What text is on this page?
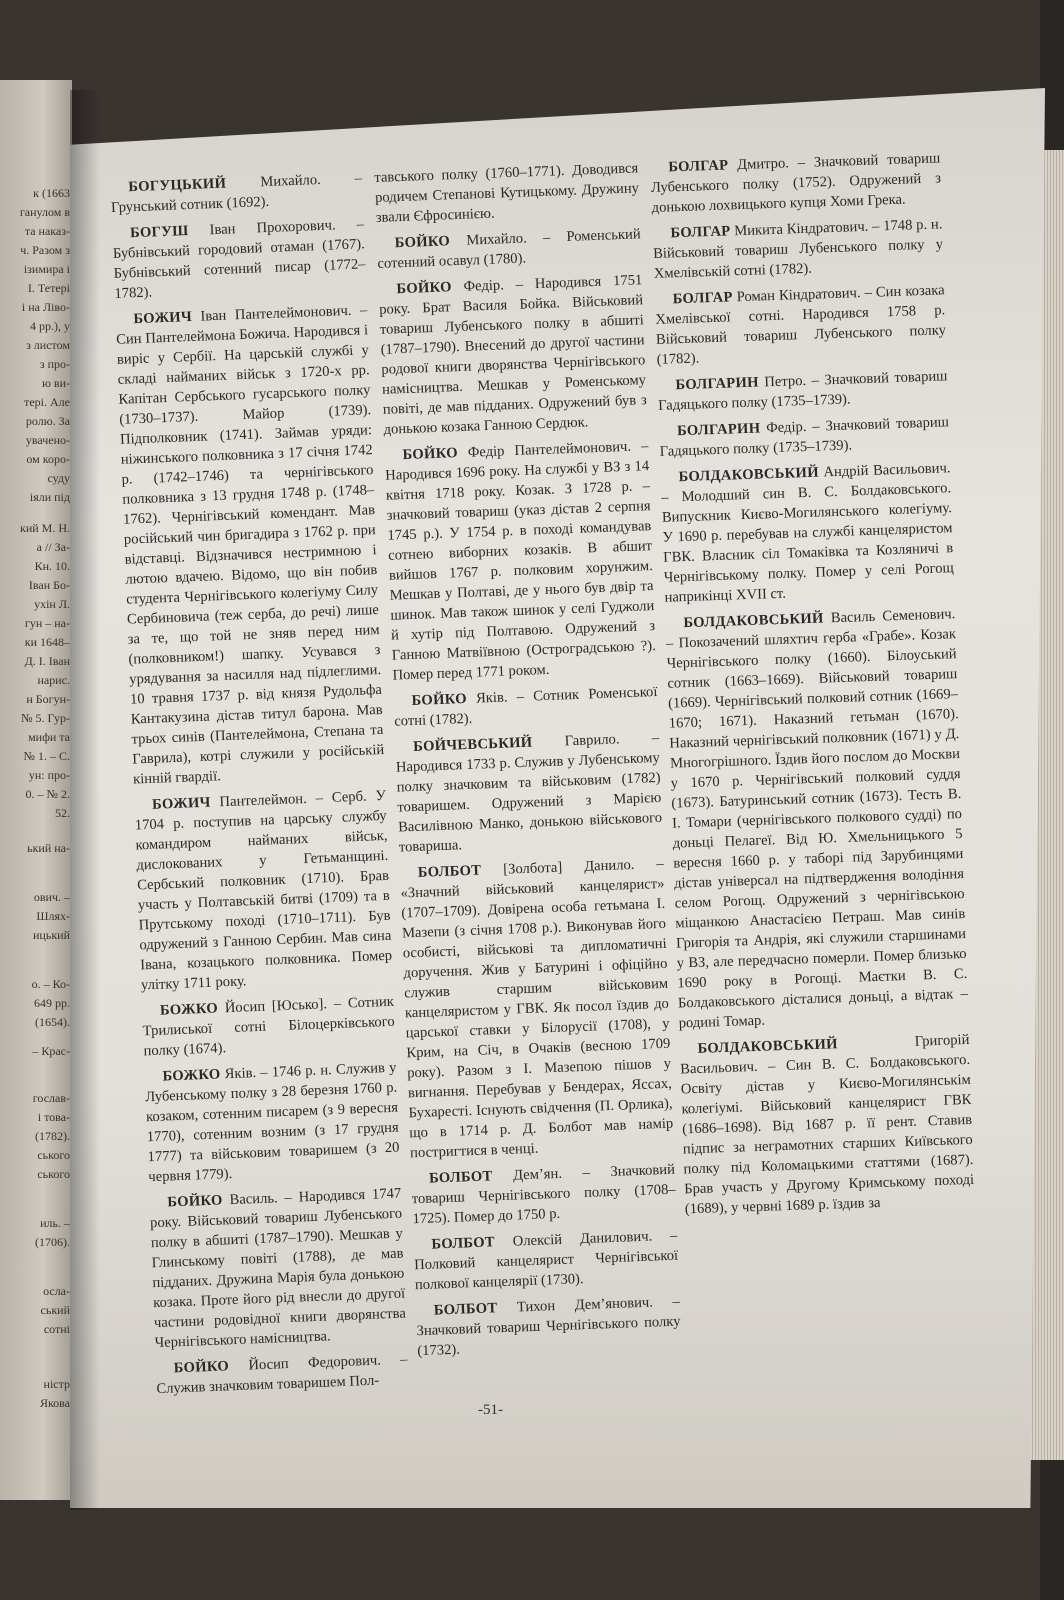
к (1663
ганулом в
та наказ-
ч. Разом з
ізимира і
І. Тетері
і на Ліво-
4 рр.), у
з листом
з про-
ю ви-
тері. Але
ролю. За
увачено-
ом коро-
суду
іяли під
кий М. Н.
а // За-
Кн. 10.
Іван Бо-
ухін Л.
гун – на-
ки 1648–
Д. І. Іван
нарис.
н Богун-
№ 5. Гур-
мифи та
№ 1. – С.
ун: про-
0. – № 2.
52.
ький на-
ович. –
Шлях-
ицький
о. – Ко-
649 рр.
(1654).
– Крас-
гослав-
і това-
(1782).
ського
ського
иль. –
(1706).
осла-
ський
сотні
ністр
Якова

БОГУЦЬКИЙ Михайло. – Грунський сотник (1692).

БОГУШ Іван Прохорович. – Бубнівський городовий отаман (1767). Бубнівський сотенний писар (1772–1782).

БОЖИЧ Іван Пантелеймонович. – Син Пантелеймона Божича. Народився і виріс у Сербії. На царській службі у складі найманих військ з 1720-х рр. Капітан Сербського гусарського полку (1730–1737). Майор (1739). Підполковник (1741). Займав уряди: ніжинського полковника з 17 січня 1742 р. (1742–1746) та чернігівського полковника з 13 грудня 1748 р. (1748–1762). Чернігівський комендант. Мав російський чин бригадира з 1762 р. при відставці. Відзначився нестримною і лютою вдачею. Відомо, що він побив студента Чернігівського колегіуму Силу Сербиновича (теж серба, до речі) лише за те, що той не зняв перед ним (полковником!) шапку. Усувався з урядування за насилля над підлеглими. 10 травня 1737 р. від князя Рудольфа Кантакузина дістав титул барона. Мав трьох синів (Пантелеймона, Степана та Гаврила), котрі служили у російській кінній гвардії.

БОЖИЧ Пантелеймон. – Серб. У 1704 р. поступив на царську службу командиром найманих військ, дислокованих у Гетьманщині. Сербський полковник (1710). Брав участь у Полтавській битві (1709) та в Прутському поході (1710–1711). Був одружений з Ганною Сербин. Мав сина Івана, козацького полковника. Помер улітку 1711 року.

БОЖКО Йосип [Юсько]. – Сотник Трилиської сотні Білоцерківського полку (1674).

БОЖКО Яків. – 1746 р. н. Служив у Лубенському полку з 28 березня 1760 р. козаком, сотенним писарем (з 9 вересня 1770), сотенним возним (з 17 грудня 1777) та військовим товаришем (з 20 червня 1779).

БОЙКО Василь. – Народився 1747 року. Військовий товариш Лубенського полку в абшиті (1787–1790). Мешкав у Глинському повіті (1788), де мав підданих. Дружина Марія була донькою козака. Проте його рід внесли до другої частини родовідної книги дворянства Чернігівського намісництва.

БОЙКО Йосип Федорович. – Служив значковим товаришем Пол-

тавського полку (1760–1771). Доводився родичем Степанові Кутицькому. Дружину звали Єфросинією.

БОЙКО Михайло. – Роменський сотенний осавул (1780).

БОЙКО Федір. – Народився 1751 року. Брат Василя Бойка. Військовий товариш Лубенського полку в абшиті (1787–1790). Внесений до другої частини родової книги дворянства Чернігівського намісництва. Мешкав у Роменському повіті, де мав підданих. Одружений був з донькою козака Ганною Сердюк.

БОЙКО Федір Пантелеймонович. – Народився 1696 року. На службі у ВЗ з 14 квітня 1718 року. Козак. З 1728 р. – значковий товариш (указ дістав 2 серпня 1745 р.). У 1754 р. в поході командував сотнею виборних козаків. В абшит вийшов 1767 р. полковим хорунжим. Мешкав у Полтаві, де у нього був двір та шинок. Мав також шинок у селі Гуджоли й хутір під Полтавою. Одружений з Ганною Матвіївною (Остроградською ?). Помер перед 1771 роком.

БОЙКО Яків. – Сотник Роменської сотні (1782).

БОЙЧЕВСЬКИЙ Гаврило. – Народився 1733 р. Служив у Лубенському полку значковим та військовим (1782) товаришем. Одружений з Марією Василівною Манко, донькою військового товариша.

БОЛБОТ [Золбота] Данило. – «Значний військовий канцелярист» (1707–1709). Довірена особа гетьмана І. Мазепи (з січня 1708 р.). Виконував його особисті, військові та дипломатичні доручення. Жив у Батурині і офіційно служив старшим військовим канцеляристом у ГВК. Як посол їздив до царської ставки у Білорусії (1708), у Крим, на Січ, в Очаків (весною 1709 року). Разом з І. Мазепою пішов у вигнання. Перебував у Бендерах, Яссах, Бухаресті. Існують свідчення (П. Орлика), що в 1714 р. Д. Болбот мав намір постригтися в ченці.

БОЛБОТ Дем’ян. – Значковий товариш Чернігівського полку (1708–1725). Помер до 1750 р.

БОЛБОТ Олексій Данилович. – Полковий канцелярист Чернігівської полкової канцелярії (1730).

БОЛБОТ Тихон Дем’янович. – Значковий товариш Чернігівського полку (1732).

БОЛГАР Дмитро. – Значковий товариш Лубенського полку (1752). Одружений з донькою лохвицького купця Хоми Грека.

БОЛГАР Микита Кіндратович. – 1748 р. н. Військовий товариш Лубенського полку у Хмелівській сотні (1782).

БОЛГАР Роман Кіндратович. – Син козака Хмелівської сотні. Народився 1758 р. Військовий товариш Лубенського полку (1782).

БОЛГАРИН Петро. – Значковий товариш Гадяцького полку (1735–1739).

БОЛГАРИН Федір. – Значковий товариш Гадяцького полку (1735–1739).

БОЛДАКОВСЬКИЙ Андрій Васильович. – Молодший син В. С. Болдаковського. Випускник Києво-Могилянського колегіуму. У 1690 р. перебував на службі канцеляристом ГВК. Власник сіл Томаківка та Козляничі в Чернігівському полку. Помер у селі Рогощ наприкінці XVII ст.

БОЛДАКОВСЬКИЙ Василь Семенович. – Покозачений шляхтич герба «Грабе». Козак Чернігівського полку (1660). Білоуський сотник (1663–1669). Військовий товариш (1669). Чернігівський полковий сотник (1669–1670; 1671). Наказний гетьман (1670). Наказний чернігівський полковник (1671) у Д. Многогрішного. Їздив його послом до Москви у 1670 р. Чернігівський полковий суддя (1673). Батуринський сотник (1673). Тесть В. І. Томари (чернігівського полкового судді) по доньці Пелагеї. Від Ю. Хмельницького 5 вересня 1660 р. у таборі під Зарубинцями дістав універсал на підтвердження володіння селом Рогощ. Одружений з чернігівською міщанкою Анастасією Петраш. Мав синів Григорія та Андрія, які служили старшинами у ВЗ, але передчасно померли. Помер близько 1690 року в Рогощі. Маєтки В. С. Болдаковського дісталися доньці, а відтак – родині Томар.

БОЛДАКОВСЬКИЙ Григорій Васильович. – Син В. С. Болдаковського. Освіту дістав у Києво-Могилянськім колегіумі. Військовий канцелярист ГВК (1686–1698). Від 1687 р. її рент. Ставив підпис за неграмотних старших Київського полку під Коломацькими статтями (1687). Брав участь у Другому Кримському поході (1689), у червні 1689 р. їздив за

-51-
